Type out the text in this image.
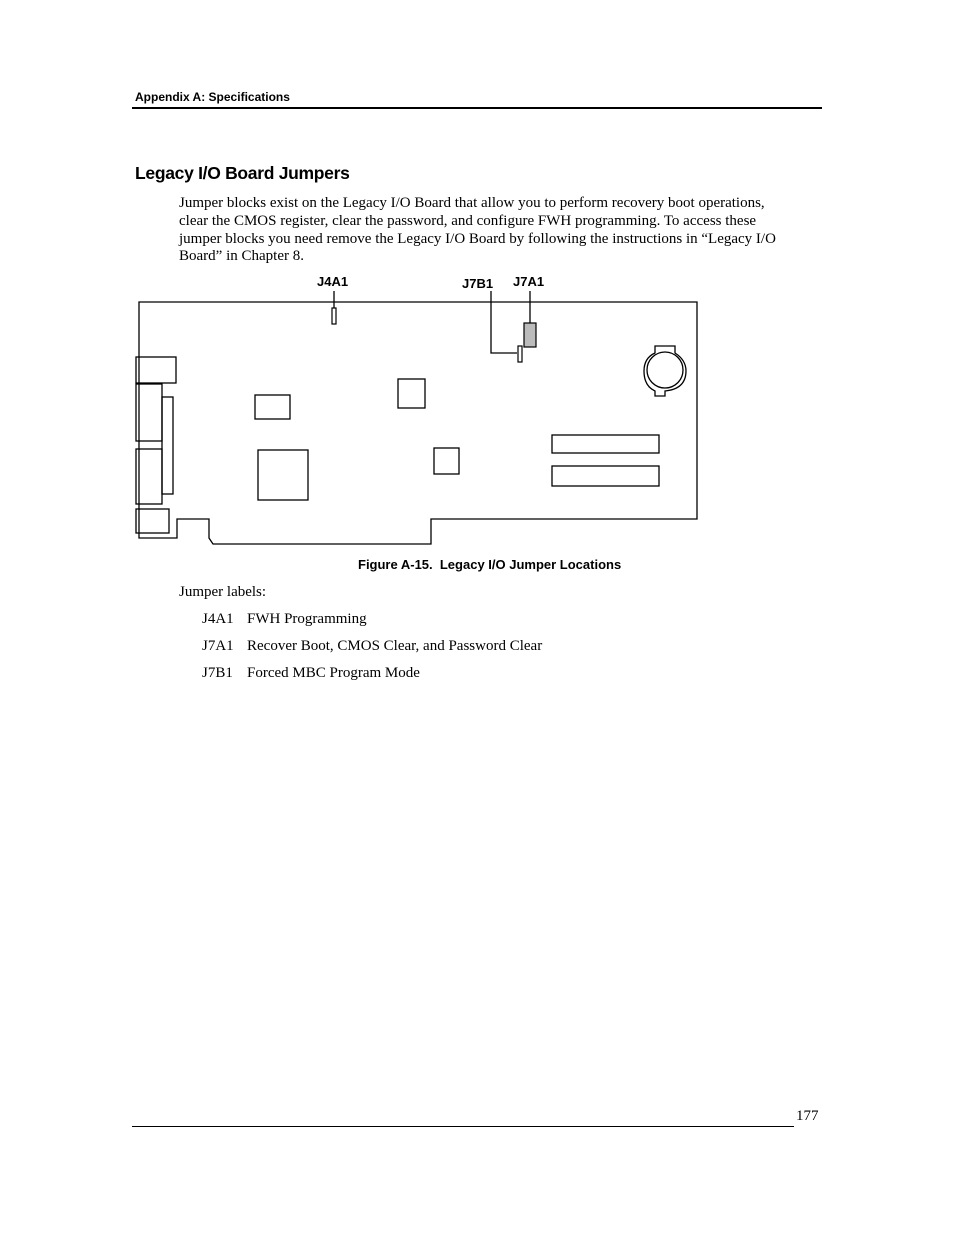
Appendix A: Specifications
Legacy I/O Board Jumpers
Jumper blocks exist on the Legacy I/O Board that allow you to perform recovery boot operations,
clear the CMOS register, clear the password, and configure FWH programming. To access these
jumper blocks you need remove the Legacy I/O Board by following the instructions in “Legacy I/O
Board” in Chapter 8.
J4A1	J7B1 J7A1
Figure A-15.  Legacy I/O Jumper Locations
Jumper labels:
J4A1 FWH Programming
J7A1 Recover Boot, CMOS Clear, and Password Clear
J7B1 Forced MBC Program Mode
177
